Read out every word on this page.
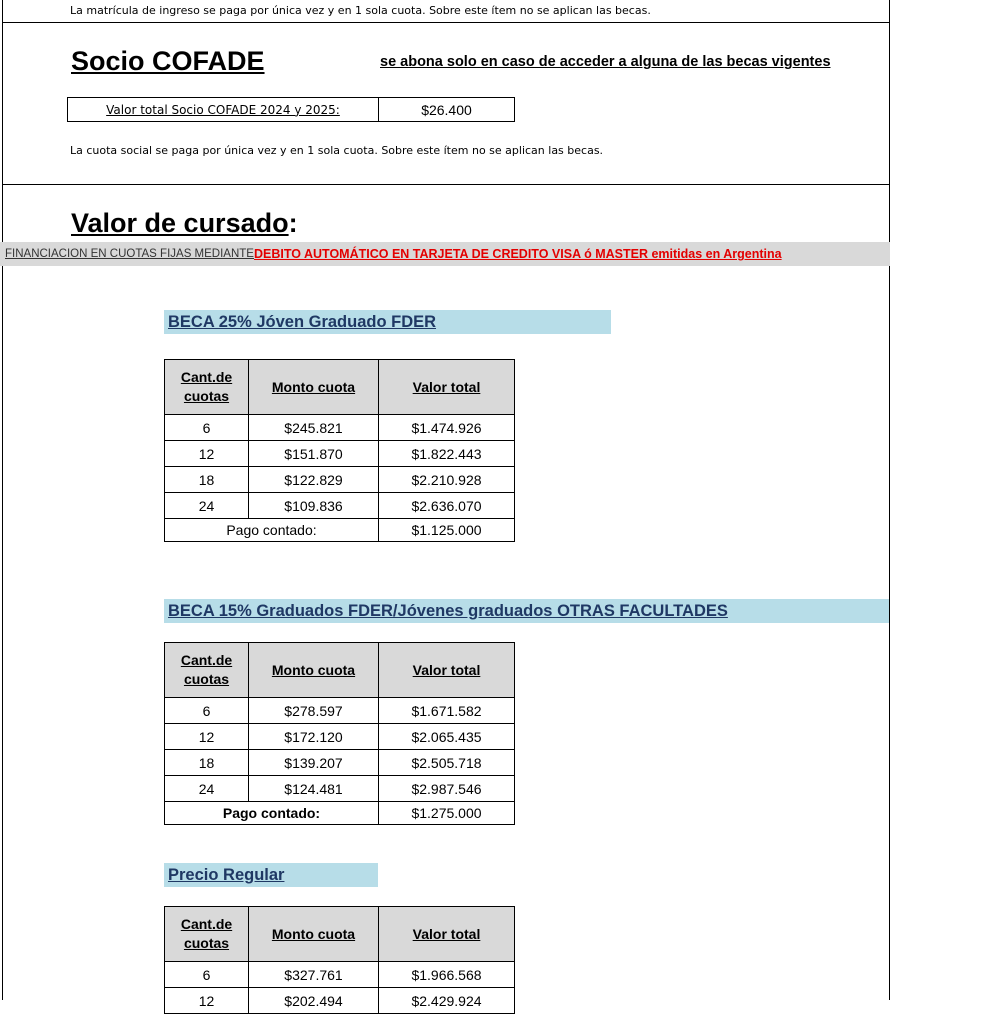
La matrícula de ingreso se paga por única vez y en 1 sola cuota. Sobre este ítem no se aplican las becas.
Socio COFADE	se abona solo en caso de acceder a alguna de las becas vigentes
Valor total Socio COFADE 2024 y 2025:	$26.400
La cuota social se paga por única vez y en 1 sola cuota. Sobre este ítem no se aplican las becas.
Valor de cursado:
FINANCIACION EN CUOTAS FIJAS MEDIANTE DEBITO AUTOMÁTICO EN TARJETA DE CREDITO VISA ó MASTER emitidas en Argentina
BECA 25% Jóven Graduado FDER
Cant.de
cuotas	Monto cuota	Valor total
6	$245.821	$1.474.926
12	$151.870	$1.822.443
18	$122.829	$2.210.928
24	$109.836	$2.636.070
Pago contado:		$1.125.000
BECA 15% Graduados FDER/Jóvenes graduados OTRAS FACULTADES
Cant.de
cuotas	Monto cuota	Valor total
6	$278.597	$1.671.582
12	$172.120	$2.065.435
18	$139.207	$2.505.718
24	$124.481	$2.987.546
Pago contado:		$1.275.000
Precio Regular
Cant.de
cuotas	Monto cuota	Valor total
6	$327.761	$1.966.568
12	$202.494	$2.429.924
